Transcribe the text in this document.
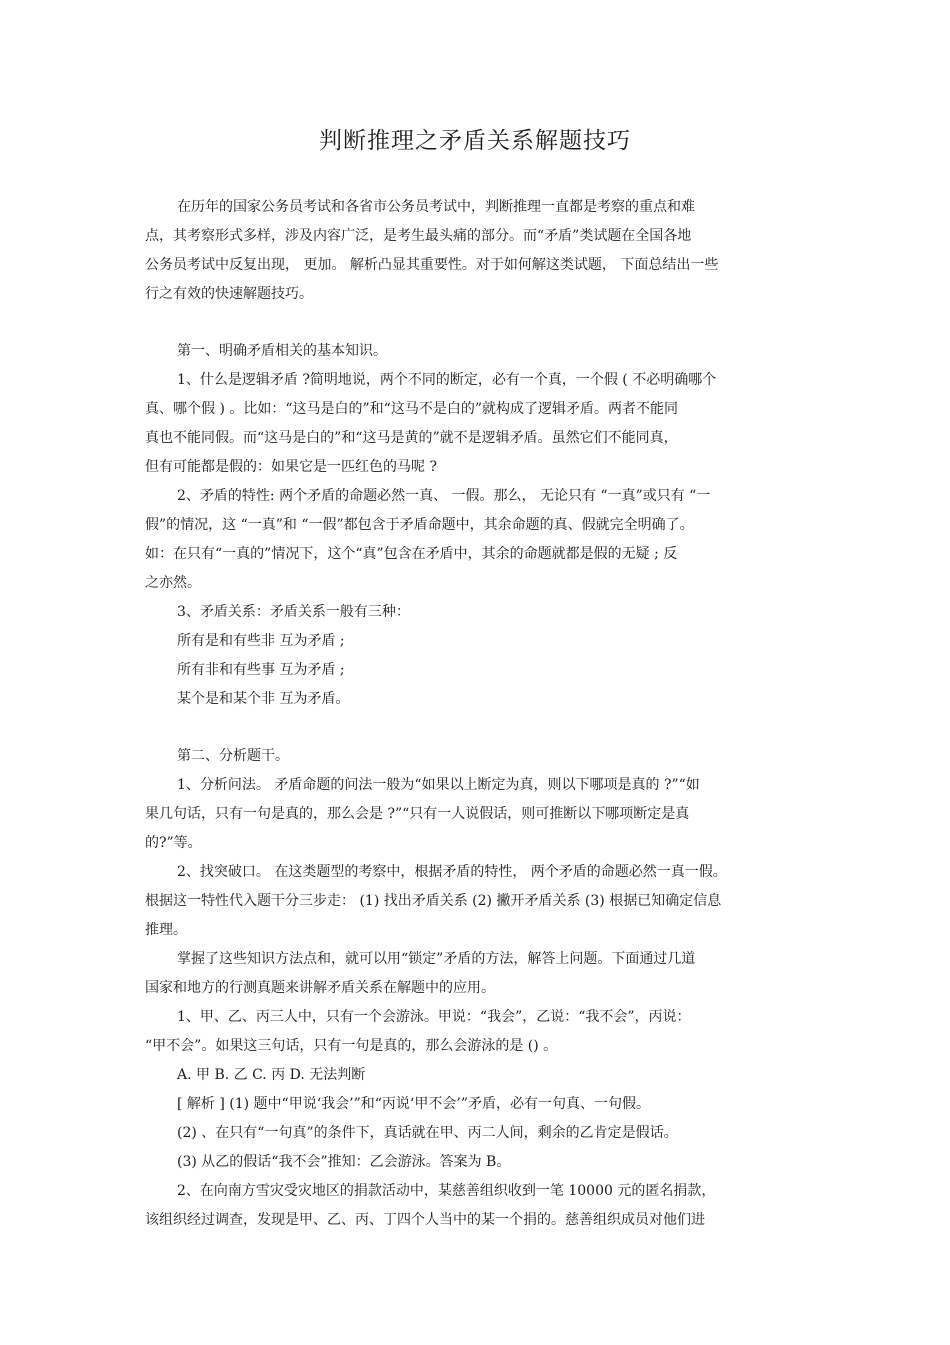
判断推理之矛盾关系解题技巧
在历年的国家公务员考试和各省市公务员考试中，判断推理一直都是考察的重点和难
点，其考察形式多样，涉及内容广泛，是考生最头痛的部分。而“矛盾”类试题在全国各地
公务员考试中反复出现， 更加。 解析凸显其重要性。对于如何解这类试题， 下面总结出一些
行之有效的快速解题技巧。
第一、明确矛盾相关的基本知识。
1、什么是逻辑矛盾 ?简明地说，两个不同的断定，必有一个真，一个假 ( 不必明确哪个
真、哪个假 ) 。比如：“这马是白的”和“这马不是白的”就构成了逻辑矛盾。两者不能同
真也不能同假。而“这马是白的”和“这马是黄的”就不是逻辑矛盾。虽然它们不能同真，
但有可能都是假的：如果它是一匹红色的马呢 ?
2、矛盾的特性: 两个矛盾的命题必然一真、 一假。那么， 无论只有 “一真”或只有 “一
假”的情况，这 “一真”和 “一假”都包含于矛盾命题中，其余命题的真、假就完全明确了。
如：在只有“一真的”情况下，这个“真”包含在矛盾中，其余的命题就都是假的无疑 ; 反
之亦然。
3、矛盾关系：矛盾关系一般有三种：
所有是和有些非 互为矛盾 ;
所有非和有些事 互为矛盾 ;
某个是和某个非 互为矛盾。
第二、分析题干。
1、分析问法。 矛盾命题的问法一般为“如果以上断定为真，则以下哪项是真的 ?”“如
果几句话，只有一句是真的，那么会是 ?”“只有一人说假话，则可推断以下哪项断定是真
的?”等。
2、找突破口。 在这类题型的考察中，根据矛盾的特性， 两个矛盾的命题必然一真一假。
根据这一特性代入题干分三步走： (1) 找出矛盾关系 (2) 撇开矛盾关系 (3) 根据已知确定信息
推理。
掌握了这些知识方法点和，就可以用“锁定”矛盾的方法，解答上问题。下面通过几道
国家和地方的行测真题来讲解矛盾关系在解题中的应用。
1、甲、乙、丙三人中，只有一个会游泳。甲说：“我会”，乙说：“我不会”，丙说：
“甲不会”。如果这三句话，只有一句是真的，那么会游泳的是 () 。
A. 甲 B. 乙 C. 丙 D. 无法判断
[ 解析 ] (1) 题中“甲说‘我会’”和“丙说‘甲不会’”矛盾，必有一句真、一句假。
(2) 、在只有“一句真”的条件下，真话就在甲、丙二人间，剩余的乙肯定是假话。
(3) 从乙的假话“我不会”推知：乙会游泳。答案为 B。
2、在向南方雪灾受灾地区的捐款活动中，某慈善组织收到一笔 10000 元的匿名捐款，
该组织经过调查，发现是甲、乙、丙、丁四个人当中的某一个捐的。慈善组织成员对他们进
